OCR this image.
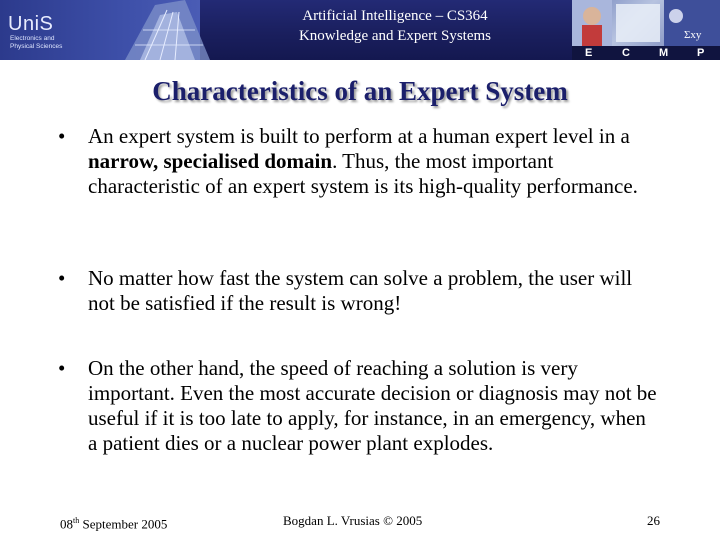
UniS
Electronics and
Physical Sciences
Artificial Intelligence – CS364
Knowledge and Expert Systems	Σxy
E	C	M	P
Characteristics of an Expert System
• An expert system is built to perform at a human expert level in a narrow, specialised domain. Thus, the most important characteristic of an expert system is its high-quality performance.
• No matter how fast the system can solve a problem, the user will not be satisfied if the result is wrong!
• On the other hand, the speed of reaching a solution is very important. Even the most accurate decision or diagnosis may not be useful if it is too late to apply, for instance, in an emergency, when a patient dies or a nuclear power plant explodes.
08th September 2005	Bogdan L. Vrusias © 2005	26
